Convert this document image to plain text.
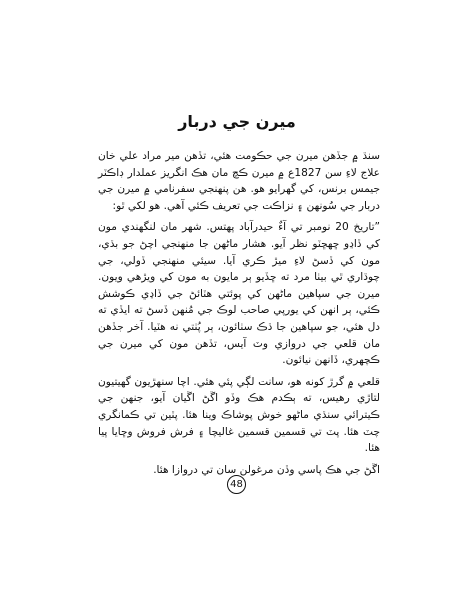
ميرن جي دربار

سنڌ ۾ جڏهن ميرن جي حڪومت هئي، تڏهن مير مراد علي خان علاج لاءِ سن 1827ع ۾ ميرن ڪچ مان هڪ انگريز عملدار ڊاڪٽر جيمس برنس، کي گهرايو هو. هن پنهنجي سفرنامي ۾ ميرن جي دربار جي سُونهن ۽ نزاڪت جي تعريف ڪئي آهي. هو لکي ٿو:

”تاريخ 20 نومبر تي آءٌ حيدرآباد پهتس. شهر مان لنگهندي مون کي ڏاڍو ڇهڇٽو نظر آيو. هشار ماڻهن جا منهنجي اچڻ جو بڌي، مون کي ڏسڻ لاءِ ميڙ ڪري آيا. سيئي منهنجي ڏولي، جي چوڌاري ٿي بيٺا مرد ته ڇڏيو ٻر مايون به مون کي ويڙهي ويون. ميرن جي سپاهين ماڻهن کي پوئتي هٽائڻ جي ڏاڍي ڪوشش ڪئي، ٻر انهن کي يورپي صاحب لوڪ جي مُنهن ڏسڻ ته ايڏي ته دل هئي، جو سپاهين جا ڌڪ سٺائون، ٻر پُٺتي نه هٽيا. آخر جڏهن مان قلعي جي دروازي وٽ آيس، تڏهن مون کي ميرن جي ڪچهري، ڏانهن نيائون.

قلعي ۾ گرڙ کونه هو، سانت لڳي پئي هئي. اچا سنهڙيون گهيتيون لتاڙي رهيس، ته ٻڪدم هڪ وڏو اڱڻ اڱيان آيو، جنهن جي ڪيترائي سنڌي ماڻهو خوش پوشاڪ وينا هئا. پٽين تي ڪمانگري چٽ هئا. پٽ تي قسمين قسمين غاليچا ۽ فرش فروش وڇايا پيا هئا.

اڱڻ جي هڪ پاسي وڏن مرغولن سان تي دروازا هئا.

48
